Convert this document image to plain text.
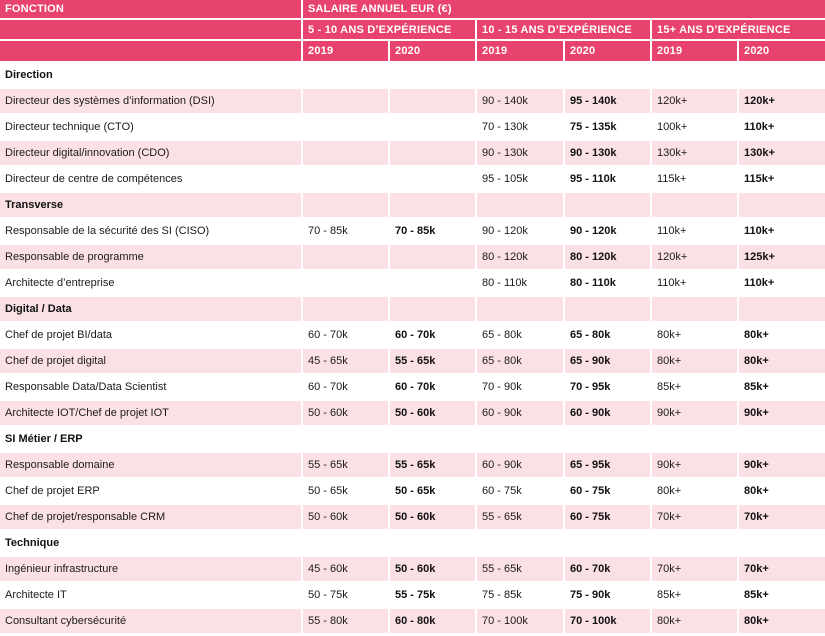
FONCTION	SALAIRE ANNUEL EUR (€)					
	5 - 10 ANS D’EXPÉRIENCE		10 - 15 ANS D’EXPÉRIENCE		15+ ANS D’EXPÉRIENCE	
	2019	2020	2019	2020	2019	2020
Direction						
Directeur des systèmes d’information (DSI)			90 - 140k	95 - 140k	120k+	120k+
Directeur technique (CTO)			70 - 130k	75 - 135k	100k+	110k+
Directeur digital/innovation (CDO)			90 - 130k	90 - 130k	130k+	130k+
Directeur de centre de compétences			95 - 105k	95 - 110k	115k+	115k+
Transverse						
Responsable de la sécurité des SI (CISO)	70 - 85k	70 - 85k	90 - 120k	90 - 120k	110k+	110k+
Responsable de programme			80 - 120k	80 - 120k	120k+	125k+
Architecte d’entreprise			80 - 110k	80 - 110k	110k+	110k+
Digital / Data						
Chef de projet BI/data	60 - 70k	60 - 70k	65 - 80k	65 - 80k	80k+	80k+
Chef de projet digital	45 - 65k	55 - 65k	65 - 80k	65 - 90k	80k+	80k+
Responsable Data/Data Scientist	60 - 70k	60 - 70k	70 - 90k	70 - 95k	85k+	85k+
Architecte IOT/Chef de projet IOT	50 - 60k	50 - 60k	60 - 90k	60 - 90k	90k+	90k+
SI Métier / ERP						
Responsable domaine	55 - 65k	55 - 65k	60 - 90k	65 - 95k	90k+	90k+
Chef de projet ERP	50 - 65k	50 - 65k	60 - 75k	60 - 75k	80k+	80k+
Chef de projet/responsable CRM	50 - 60k	50 - 60k	55 - 65k	60 - 75k	70k+	70k+
Technique						
Ingénieur infrastructure	45 - 60k	50 - 60k	55 - 65k	60 - 70k	70k+	70k+
Architecte IT	50 - 75k	55 - 75k	75 - 85k	75 - 90k	85k+	85k+
Consultant cybersécurité	55 - 80k	60 - 80k	70 - 100k	70 - 100k	80k+	80k+
